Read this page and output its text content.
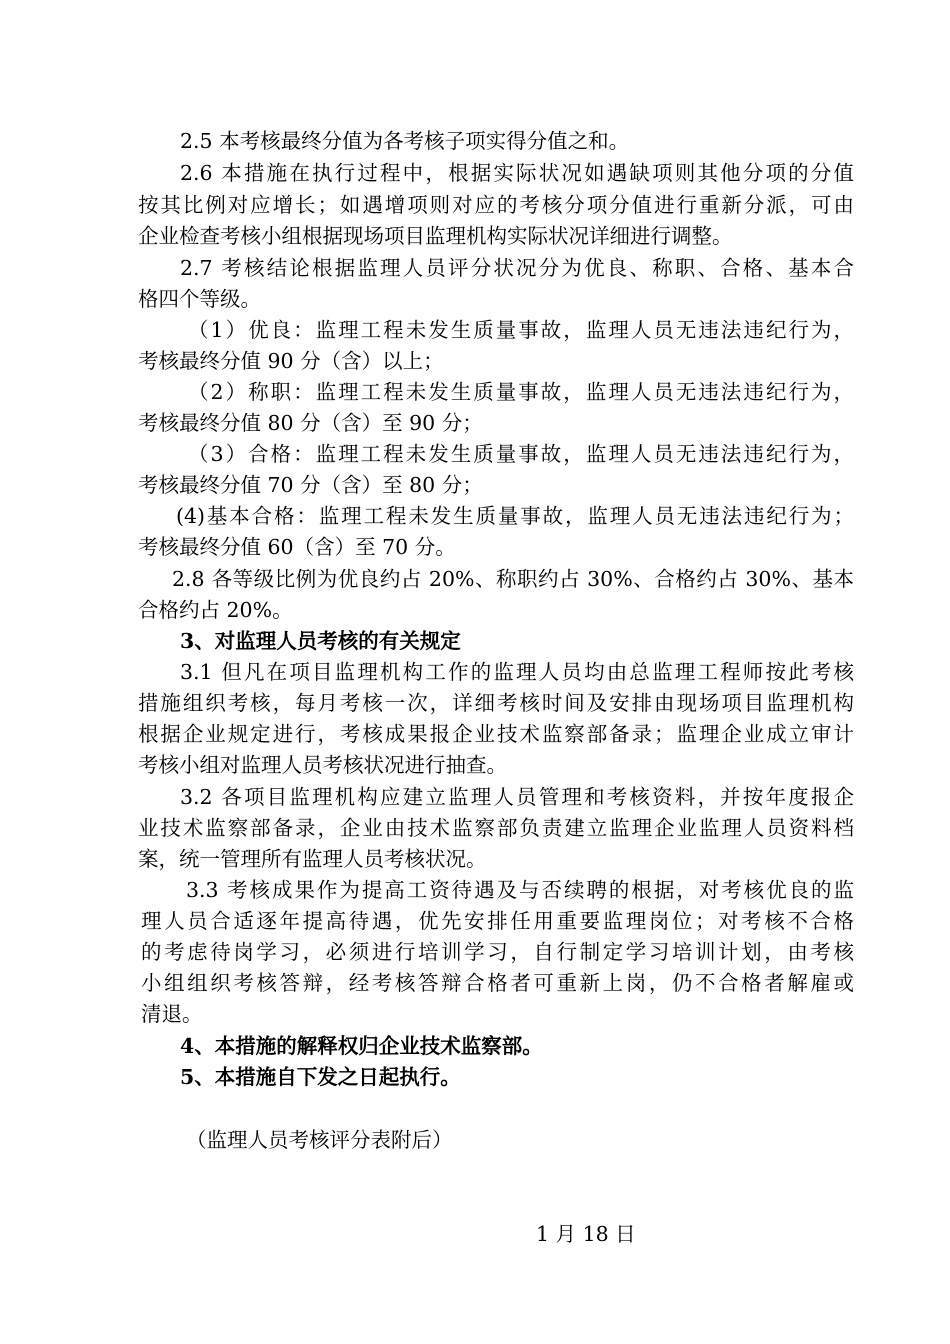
2.5 本考核最终分值为各考核子项实得分值之和。

2.6 本措施在执行过程中，根据实际状况如遇缺项则其他分项的分值

按其比例对应增长；如遇增项则对应的考核分项分值进行重新分派，可由

企业检查考核小组根据现场项目监理机构实际状况详细进行调整。

2.7 考核结论根据监理人员评分状况分为优良、称职、合格、基本合

格四个等级。

（1）优良：监理工程未发生质量事故，监理人员无违法违纪行为，

考核最终分值 90 分（含）以上；

（2）称职：监理工程未发生质量事故，监理人员无违法违纪行为，

考核最终分值 80 分（含）至 90 分；

（3）合格：监理工程未发生质量事故，监理人员无违法违纪行为，

考核最终分值 70 分（含）至 80 分；

(4)基本合格：监理工程未发生质量事故，监理人员无违法违纪行为；

考核最终分值 60（含）至 70 分。

2.8 各等级比例为优良约占 20%、称职约占 30%、合格约占 30%、基本

合格约占 20%。

3、对监理人员考核的有关规定

3.1 但凡在项目监理机构工作的监理人员均由总监理工程师按此考核

措施组织考核，每月考核一次，详细考核时间及安排由现场项目监理机构

根据企业规定进行，考核成果报企业技术监察部备录；监理企业成立审计

考核小组对监理人员考核状况进行抽查。

3.2 各项目监理机构应建立监理人员管理和考核资料，并按年度报企

业技术监察部备录，企业由技术监察部负责建立监理企业监理人员资料档

案，统一管理所有监理人员考核状况。

3.3 考核成果作为提高工资待遇及与否续聘的根据，对考核优良的监

理人员合适逐年提高待遇，优先安排任用重要监理岗位；对考核不合格

的考虑待岗学习，必须进行培训学习，自行制定学习培训计划，由考核

小组组织考核答辩，经考核答辩合格者可重新上岗，仍不合格者解雇或

清退。

4、本措施的解释权归企业技术监察部。

5、本措施自下发之日起执行。

（监理人员考核评分表附后）

1 月 18 日
